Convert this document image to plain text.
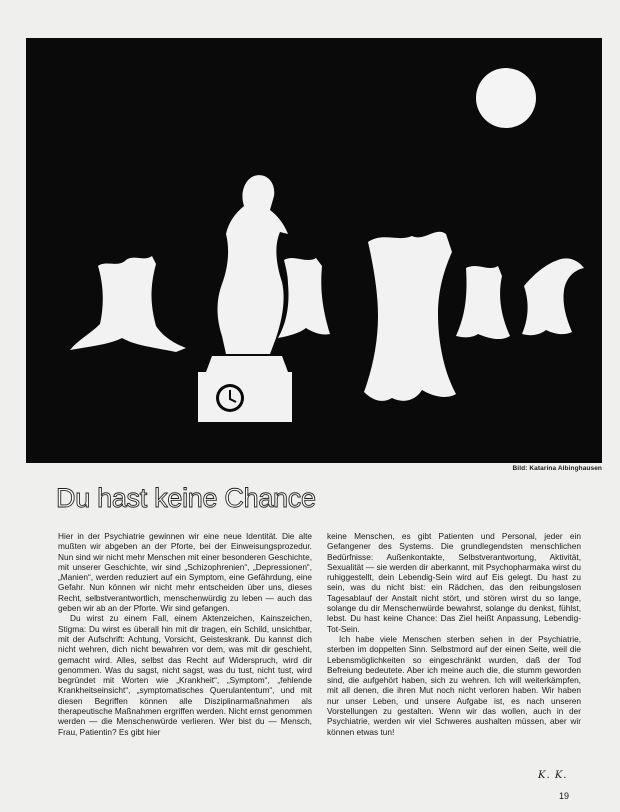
Bild: Katarina Albinghausen
Du hast keine Chance

Hier in der Psychiatrie gewinnen wir eine neue Identität. Die alte mußten wir abgeben an der Pforte, bei der Einweisungsprozedur. Nun sind wir nicht mehr Menschen mit einer besonderen Geschichte, mit unserer Geschichte, wir sind „Schizophrenien“, „Depressionen“, „Manien“, werden reduziert auf ein Symptom, eine Gefährdung, eine Gefahr. Nun können wir nicht mehr entscheiden über uns, dieses Recht, selbstverantwortlich, menschenwürdig zu leben — auch das geben wir ab an der Pforte. Wir sind gefangen.

Du wirst zu einem Fall, einem Aktenzeichen, Kainszeichen, Stigma: Du wirst es überall hin mit dir tragen, ein Schild, unsichtbar, mit der Aufschrift: Achtung, Vorsicht, Geisteskrank. Du kannst dich nicht wehren, dich nicht bewahren vor dem, was mit dir geschieht, gemacht wird. Alles, selbst das Recht auf Widerspruch, wird dir genommen. Was du sagst, nicht sagst, was du tust, nicht tust, wird begründet mit Worten wie „Krankheit“, „Symptom“, „fehlende Krankheitseinsicht“, „symptomatisches Querulantentum“, und mit diesen Begriffen können alle Disziplinarmaßnahmen als therapeutische Maßnahmen ergriffen werden. Nicht ernst genommen werden — die Menschenwürde verlieren. Wer bist du — Mensch, Frau, Patientin? Es gibt hier

keine Menschen, es gibt Patienten und Personal, jeder ein Gefangener des Systems. Die grundlegendsten menschlichen Bedürfnisse: Außenkontakte, Selbstverantwortung, Aktivität, Sexualität — sie werden dir aberkannt, mit Psychopharmaka wirst du ruhiggestellt, dein Lebendig-Sein wird auf Eis gelegt. Du hast zu sein, was du nicht bist: ein Rädchen, das den reibungslosen Tagesablauf der Anstalt nicht stört, und stören wirst du so lange, solange du dir Menschenwürde bewahrst, solange du denkst, fühlst, lebst. Du hast keine Chance: Das Ziel heißt Anpassung, Lebendig-Tot-Sein.

Ich habe viele Menschen sterben sehen in der Psychiatrie, sterben im doppelten Sinn. Selbstmord auf der einen Seite, weil die Lebensmöglichkeiten so eingeschränkt wurden, daß der Tod Befreiung bedeutete. Aber ich meine auch die, die stumm geworden sind, die aufgehört haben, sich zu wehren. Ich will weiterkämpfen, mit all denen, die ihren Mut noch nicht verloren haben. Wir haben nur unser Leben, und unsere Aufgabe ist, es nach unseren Vorstellungen zu gestalten. Wenn wir das wollen, auch in der Psychiatrie, werden wir viel Schweres aushalten müssen, aber wir können etwas tun!

K. K.
19
